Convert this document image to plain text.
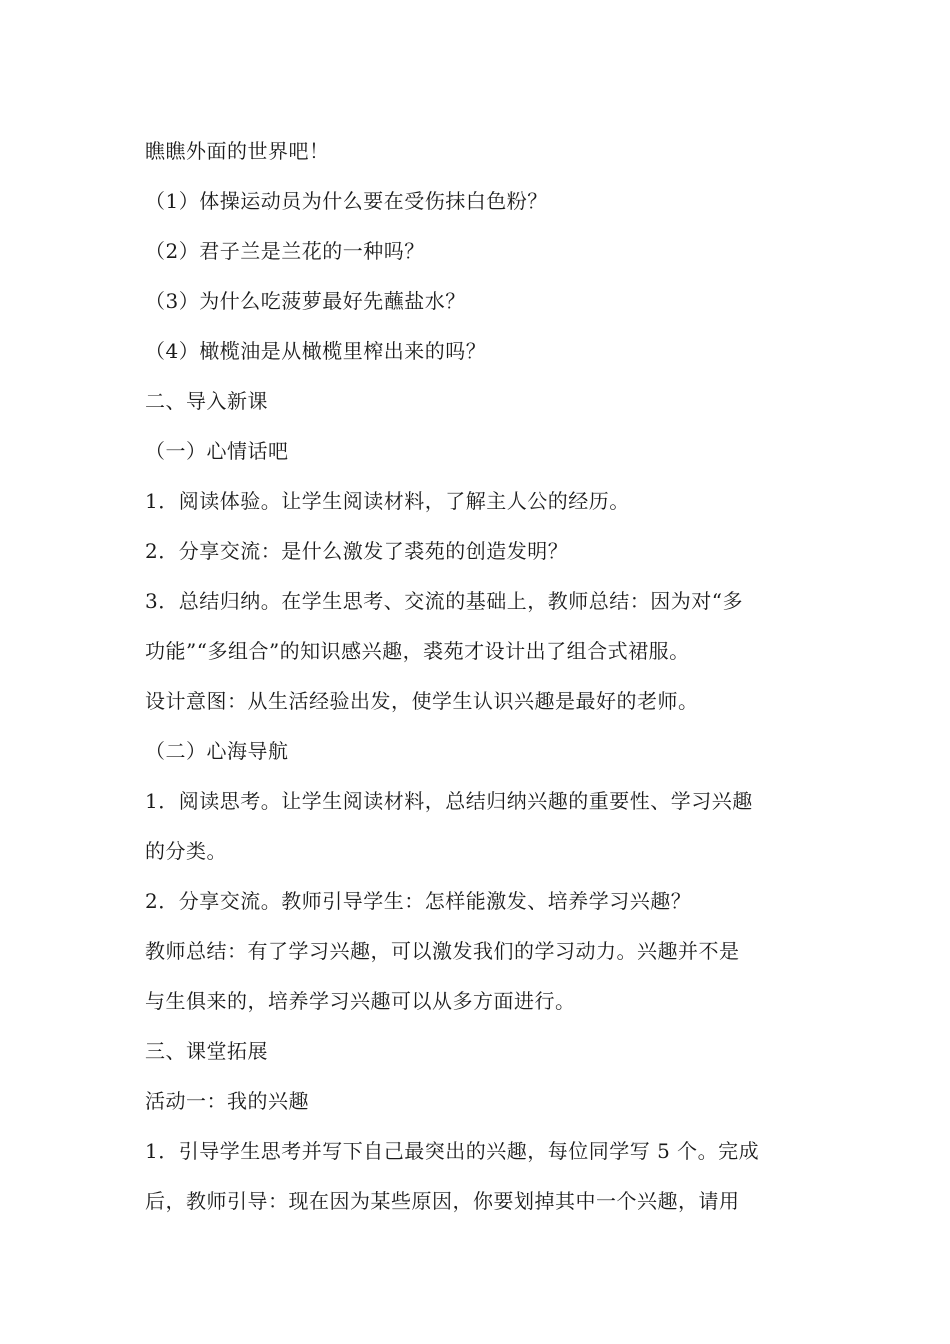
瞧瞧外面的世界吧！
（1）体操运动员为什么要在受伤抹白色粉？
（2）君子兰是兰花的一种吗？
（3）为什么吃菠萝最好先蘸盐水？
（4）橄榄油是从橄榄里榨出来的吗？
二、导入新课
（一）心情话吧
1．阅读体验。让学生阅读材料，了解主人公的经历。
2．分享交流：是什么激发了裘苑的创造发明？
3．总结归纳。在学生思考、交流的基础上，教师总结：因为对“多
功能”“多组合”的知识感兴趣，裘苑才设计出了组合式裙服。
设计意图：从生活经验出发，使学生认识兴趣是最好的老师。
（二）心海导航
1．阅读思考。让学生阅读材料，总结归纳兴趣的重要性、学习兴趣
的分类。
2．分享交流。教师引导学生：怎样能激发、培养学习兴趣？
教师总结：有了学习兴趣，可以激发我们的学习动力。兴趣并不是
与生俱来的，培养学习兴趣可以从多方面进行。
三、课堂拓展
活动一：我的兴趣
1．引导学生思考并写下自己最突出的兴趣，每位同学写 5 个。完成
后，教师引导：现在因为某些原因，你要划掉其中一个兴趣，请用
